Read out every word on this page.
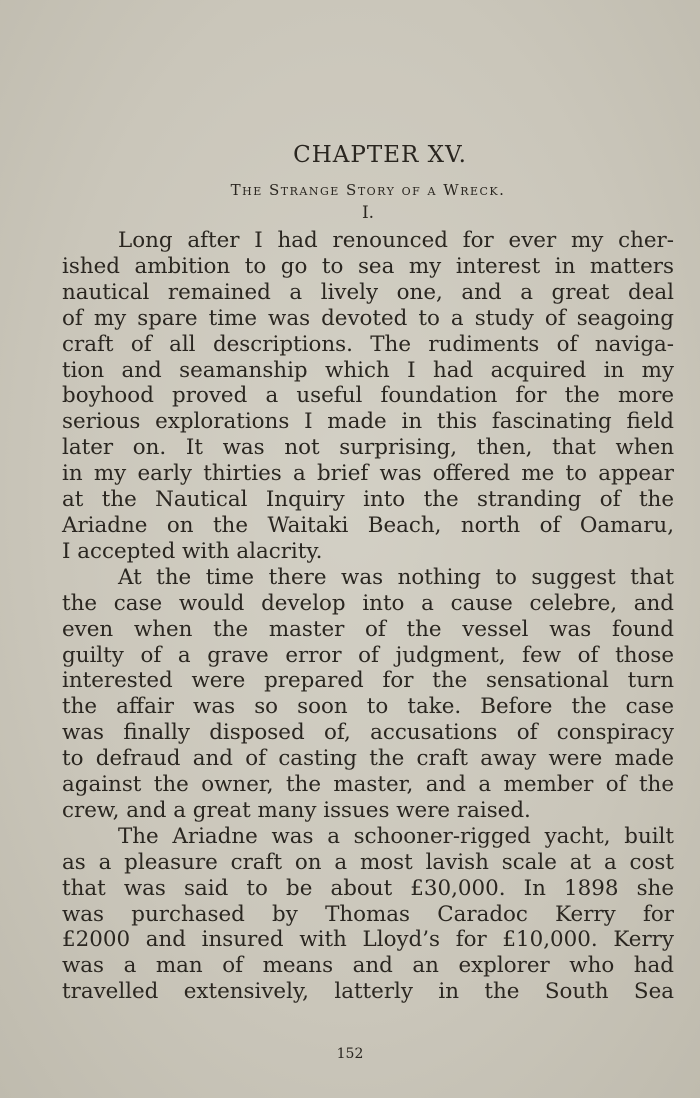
CHAPTER XV.
The Strange Story of a Wreck.
I.
Long after I had renounced for ever my cher-
ished ambition to go to sea my interest in matters
nautical remained a lively one, and a great deal
of my spare time was devoted to a study of seagoing
craft of all descriptions. The rudiments of naviga-
tion and seamanship which I had acquired in my
boyhood proved a useful foundation for the more
serious explorations I made in this fascinating field
later on. It was not surprising, then, that when
in my early thirties a brief was offered me to appear
at the Nautical Inquiry into the stranding of the
Ariadne on the Waitaki Beach, north of Oamaru,
I accepted with alacrity.
At the time there was nothing to suggest that
the case would develop into a cause celebre, and
even when the master of the vessel was found
guilty of a grave error of judgment, few of those
interested were prepared for the sensational turn
the affair was so soon to take. Before the case
was finally disposed of, accusations of conspiracy
to defraud and of casting the craft away were made
against the owner, the master, and a member of the
crew, and a great many issues were raised.
The Ariadne was a schooner-rigged yacht, built
as a pleasure craft on a most lavish scale at a cost
that was said to be about £30,000. In 1898 she
was purchased by Thomas Caradoc Kerry for
£2000 and insured with Lloyd’s for £10,000. Kerry
was a man of means and an explorer who had
travelled extensively, latterly in the South Sea
152
